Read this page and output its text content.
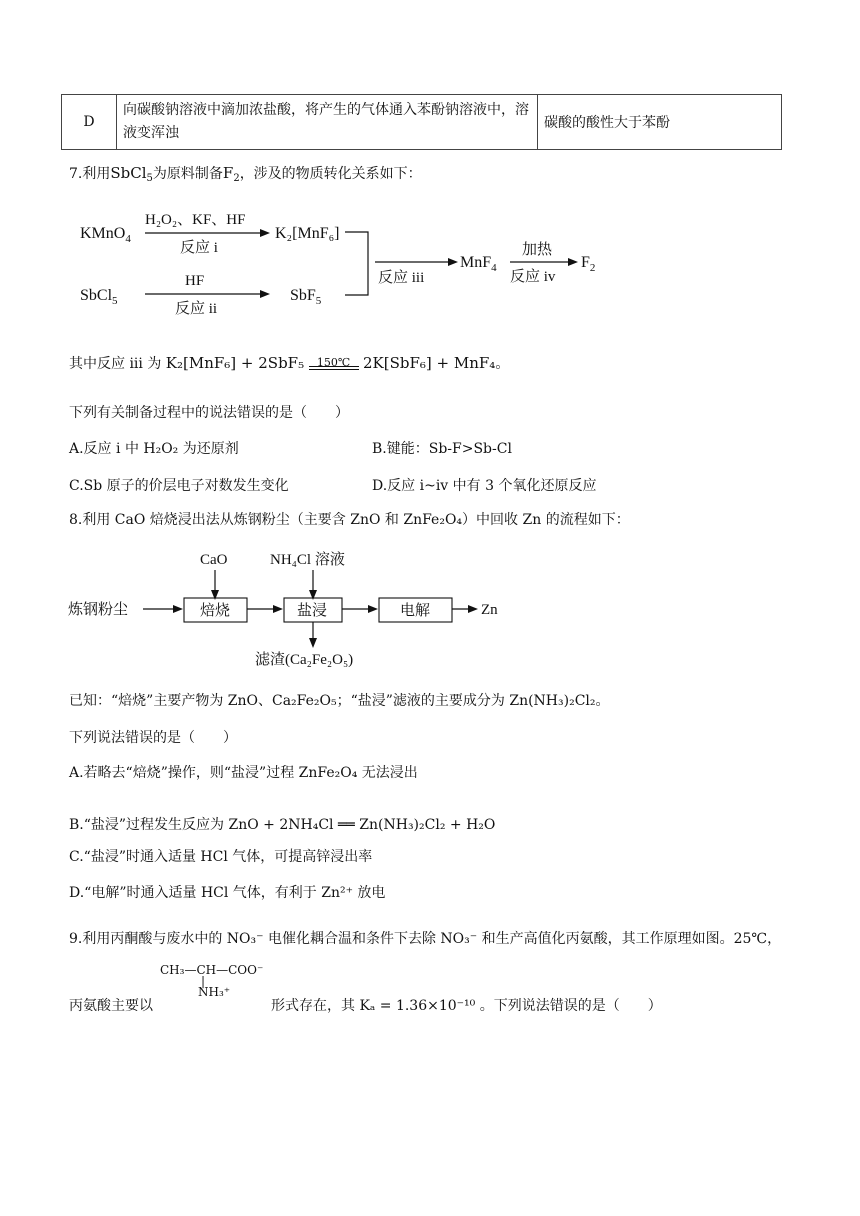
D	向碳酸钠溶液中滴加浓盐酸，将产生的气体通入苯酚钠溶液中，溶液变浑浊	碳酸的酸性大于苯酚
7.利用SbCl$_5$为原料制备$F_2$，涉及的物质转化关系如下：
KMnO$_4$
H₂O₂、KF、HF
反应 i
K₂[MnF₆]
SbCl$_5$
HF
反应 ii
SbF$_5$
反应 iii
MnF$_4$
加热
反应 iv
$F_2$
其中反应 iii 为 K₂[MnF₆] + 2SbF₅	150℃ 2K[SbF₆] + MnF₄。
下列有关制备过程中的说法错误的是（　　）
A.反应 i 中 H₂O₂ 为还原剂	B.键能：Sb-F>Sb-Cl
C.Sb 原子的价层电子对数发生变化	D.反应 i~iv 中有 3 个氧化还原反应
8.利用 CaO 焙烧浸出法从炼钢粉尘（主要含 ZnO 和 ZnFe₂O₄）中回收 Zn 的流程如下：
CaO	NH₄Cl 溶液
炼钢粉尘	焙烧	盐浸	电解	Zn
滤渣(Ca₂Fe₂O₅)
已知：“焙烧”主要产物为 ZnO、Ca₂Fe₂O₅；“盐浸”滤液的主要成分为 Zn(NH₃)₂Cl₂。
下列说法错误的是（　　）
A.若略去“焙烧”操作，则“盐浸”过程 ZnFe₂O₄ 无法浸出
B.“盐浸”过程发生反应为 ZnO + 2NH₄Cl ══ Zn(NH₃)₂Cl₂ + H₂O
C.“盐浸”时通入适量 HCl 气体，可提高锌浸出率
D.“电解”时通入适量 HCl 气体，有利于 Zn²⁺ 放电
9.利用丙酮酸与废水中的 NO₃⁻ 电催化耦合温和条件下去除 NO₃⁻ 和生产高值化丙氨酸，其工作原理如图。25℃，
CH₃—CH—COO⁻
|
NH₃⁺
丙氨酸主要以	形式存在，其 Kₐ = 1.36×10⁻¹⁰ 。下列说法错误的是（　　）
